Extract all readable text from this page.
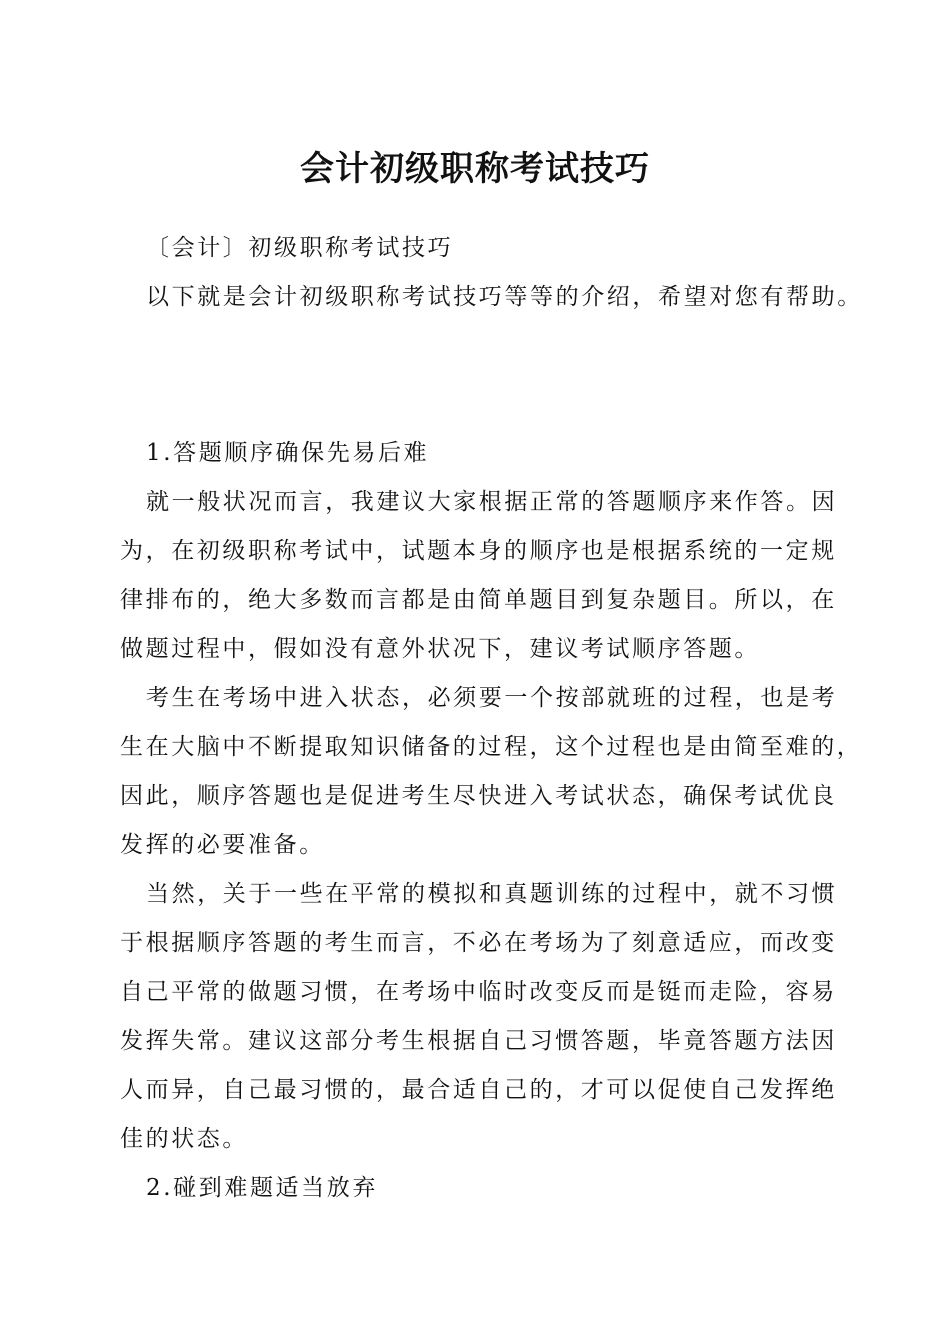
会计初级职称考试技巧
〔会计〕初级职称考试技巧
以下就是会计初级职称考试技巧等等的介绍，希望对您有帮助。
1.答题顺序确保先易后难
就一般状况而言，我建议大家根据正常的答题顺序来作答。因
为，在初级职称考试中，试题本身的顺序也是根据系统的一定规
律排布的，绝大多数而言都是由简单题目到复杂题目。所以，在
做题过程中，假如没有意外状况下，建议考试顺序答题。
考生在考场中进入状态，必须要一个按部就班的过程，也是考
生在大脑中不断提取知识储备的过程，这个过程也是由简至难的，
因此，顺序答题也是促进考生尽快进入考试状态，确保考试优良
发挥的必要准备。
当然，关于一些在平常的模拟和真题训练的过程中，就不习惯
于根据顺序答题的考生而言，不必在考场为了刻意适应，而改变
自己平常的做题习惯，在考场中临时改变反而是铤而走险，容易
发挥失常。建议这部分考生根据自己习惯答题，毕竟答题方法因
人而异，自己最习惯的，最合适自己的，才可以促使自己发挥绝
佳的状态。
2.碰到难题适当放弃
